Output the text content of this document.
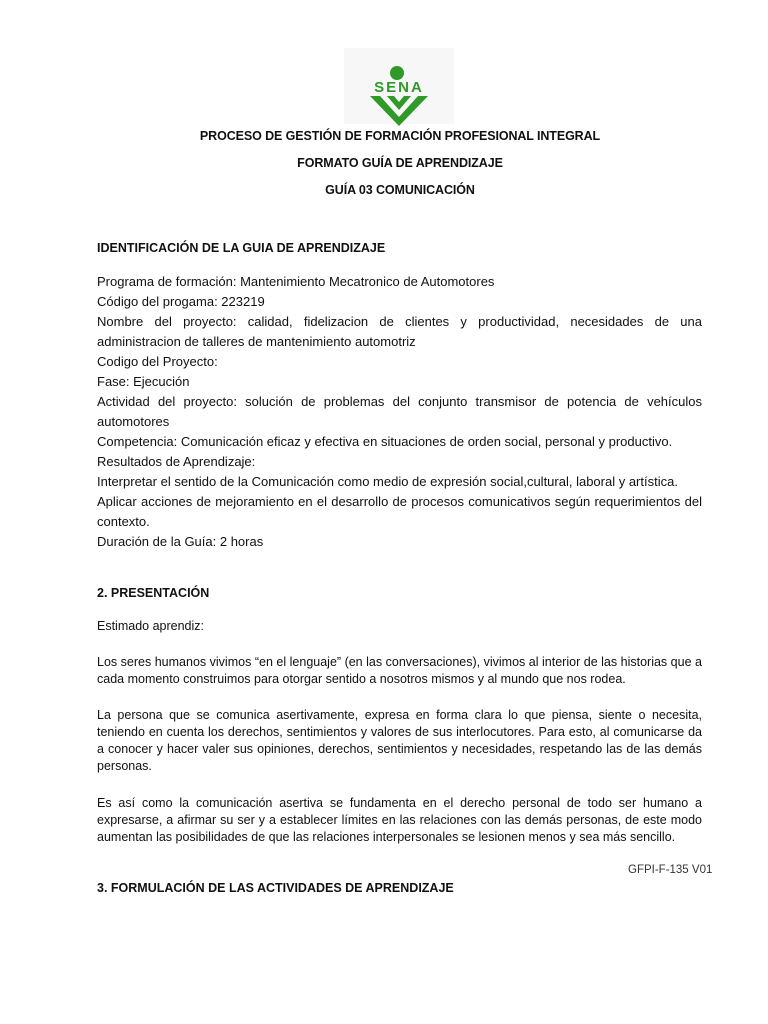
SENA
PROCESO DE GESTIÓN DE FORMACIÓN PROFESIONAL INTEGRAL
FORMATO GUÍA DE APRENDIZAJE
GUÍA 03 COMUNICACIÓN
IDENTIFICACIÓN DE LA GUIA DE APRENDIZAJE

Programa de formación: Mantenimiento Mecatronico de Automotores

Código del progama: 223219

Nombre del proyecto: calidad, fidelizacion de clientes y productividad, necesidades de una administracion de talleres de mantenimiento automotriz

Codigo del Proyecto:

Fase: Ejecución

Actividad del proyecto: solución de problemas del conjunto transmisor de potencia de vehículos automotores

Competencia: Comunicación eficaz y efectiva en situaciones de orden social, personal y productivo.

Resultados de Aprendizaje:

Interpretar el sentido de la Comunicación como medio de expresión social,cultural, laboral y artística.

Aplicar acciones de mejoramiento en el desarrollo de procesos comunicativos según requerimientos del contexto.

Duración de la Guía: 2 horas

2. PRESENTACIÓN

Estimado aprendiz:

Los seres humanos vivimos “en el lenguaje” (en las conversaciones), vivimos al interior de las historias que a cada momento construimos para otorgar sentido a nosotros mismos y al mundo que nos rodea.

La persona que se comunica asertivamente, expresa en forma clara lo que piensa, siente o necesita, teniendo en cuenta los derechos, sentimientos y valores de sus interlocutores. Para esto, al comunicarse da a conocer y hacer valer sus opiniones, derechos, sentimientos y necesidades, respetando las de las demás personas.

Es así como la comunicación asertiva se fundamenta en el derecho personal de todo ser humano a expresarse, a afirmar su ser y a establecer límites en las relaciones con las demás personas, de este modo aumentan las posibilidades de que las relaciones interpersonales se lesionen menos y sea más sencillo.

GFPI-F-135 V01
3. FORMULACIÓN DE LAS ACTIVIDADES DE APRENDIZAJE
